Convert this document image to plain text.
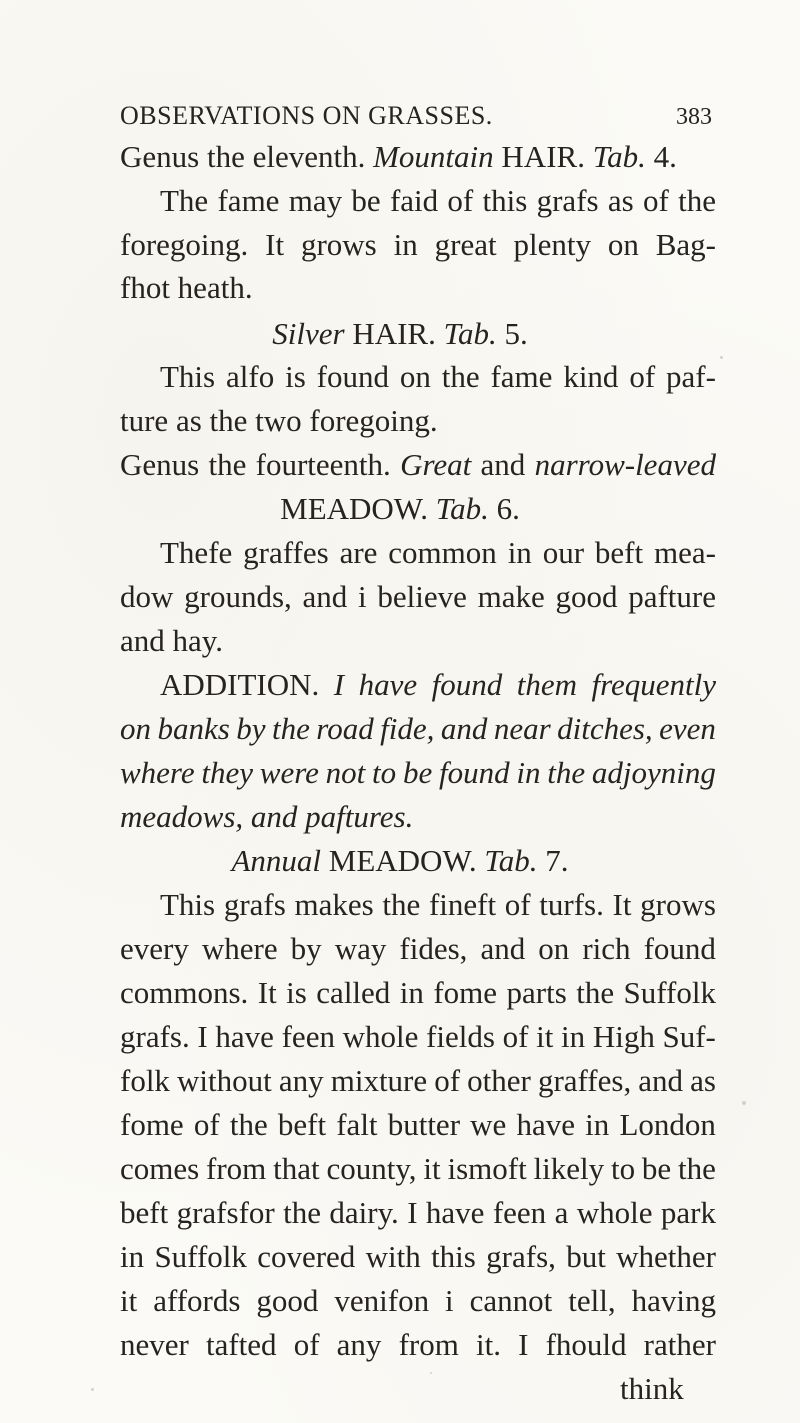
OBSERVATIONS ON GRASSES.	383
Genus the eleventh. Mountain HAIR. Tab. 4.
The fame may be faid of this grafs as of the
foregoing. It grows in great plenty on Bag-
fhot heath.
Silver HAIR. Tab. 5.
This alfo is found on the fame kind of paf-
ture as the two foregoing.
Genus the fourteenth. Great and narrow-leaved
MEADOW. Tab. 6.
Thefe graffes are common in our beft mea-
dow grounds, and i believe make good pafture
and hay.
ADDITION. I have found them frequently
on banks by the road fide, and near ditches, even
where they were not to be found in the adjoyning
meadows, and paftures.
Annual MEADOW. Tab. 7.
This grafs makes the fineft of turfs. It grows
every where by way fides, and on rich found
commons. It is called in fome parts the Suffolk
grafs. I have feen whole fields of it in High Suf-
folk without any mixture of other graffes, and as
fome of the beft falt butter we have in London
comes from that county, it ismoft likely to be the
beft grafsfor the dairy. I have feen a whole park
in Suffolk covered with this grafs, but whether
it affords good venifon i cannot tell, having
never tafted of any from it. I fhould rather
think
